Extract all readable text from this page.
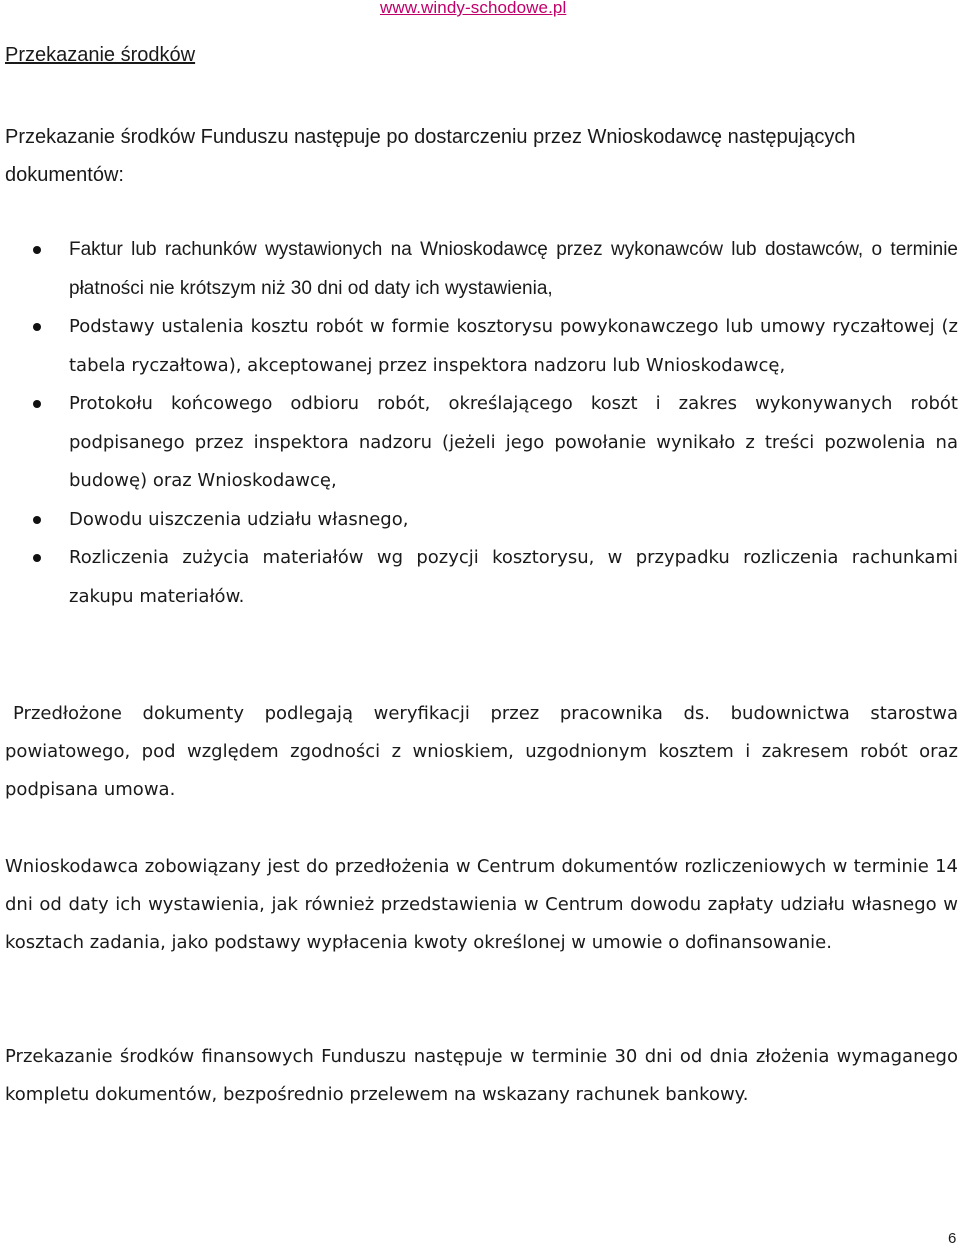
www.windy-schodowe.pl
Przekazanie środków

Przekazanie środków Funduszu następuje po dostarczeniu przez Wnioskodawcę następujących dokumentów:

Faktur lub rachunków wystawionych na Wnioskodawcę przez wykonawców lub dostawców, o terminie płatności nie krótszym niż 30 dni od daty ich wystawienia,
Podstawy ustalenia kosztu robót w formie kosztorysu powykonawczego lub umowy ryczałtowej (z tabela ryczałtowa), akceptowanej przez inspektora nadzoru lub Wnioskodawcę,
Protokołu końcowego odbioru robót, określającego koszt i zakres wykonywanych robót podpisanego przez inspektora nadzoru (jeżeli jego powołanie wynikało z treści pozwolenia na budowę) oraz Wnioskodawcę,
Dowodu uiszczenia udziału własnego,
Rozliczenia zużycia materiałów wg pozycji kosztorysu, w przypadku rozliczenia rachunkami zakupu materiałów.

Przedłożone dokumenty podlegają weryfikacji przez pracownika ds. budownictwa starostwa powiatowego, pod względem zgodności z wnioskiem, uzgodnionym kosztem i zakresem robót oraz podpisana umowa.

Wnioskodawca zobowiązany jest do przedłożenia w Centrum dokumentów rozliczeniowych w terminie 14 dni od daty ich wystawienia, jak również przedstawienia w Centrum dowodu zapłaty udziału własnego w kosztach zadania, jako podstawy wypłacenia kwoty określonej w umowie o dofinansowanie.

Przekazanie środków finansowych Funduszu następuje w terminie 30 dni od dnia złożenia wymaganego kompletu dokumentów, bezpośrednio przelewem na wskazany rachunek bankowy.

6
